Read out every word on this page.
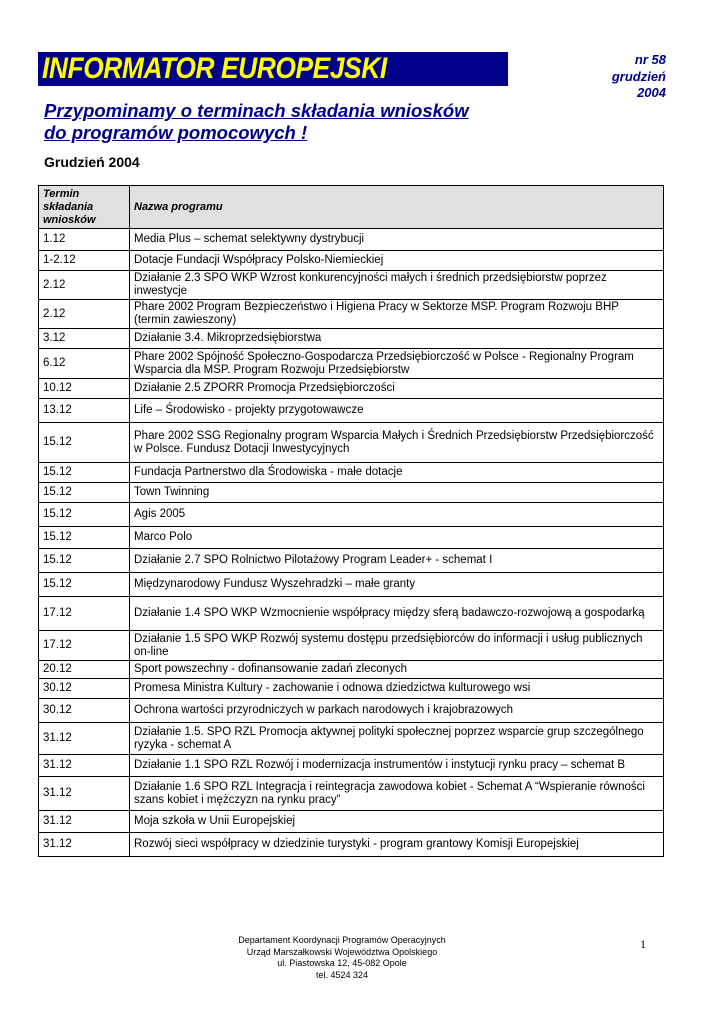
INFORMATOR EUROPEJSKI	nr 58
grudzień
2004
Przypominamy o terminach składania wniosków
do programów pomocowych !
Grudzień 2004
Termin
składania
wniosków	Nazwa programu
1.12	Media Plus – schemat selektywny dystrybucji
1-2.12	Dotacje Fundacji Współpracy Polsko-Niemieckiej
2.12	Działanie 2.3 SPO WKP Wzrost konkurencyjności małych i średnich przedsiębiorstw poprzez inwestycje
2.12	Phare 2002 Program Bezpieczeństwo i Higiena Pracy w Sektorze MSP. Program Rozwoju BHP (termin zawieszony)
3.12	Działanie 3.4. Mikroprzedsiębiorstwa
6.12	Phare 2002 Spójność Społeczno-Gospodarcza Przedsiębiorczość w Polsce - Regionalny Program Wsparcia dla MSP. Program Rozwoju Przedsiębiorstw
10.12	Działanie 2.5 ZPORR Promocja Przedsiębiorczości
13.12	Life – Środowisko - projekty przygotowawcze
15.12	Phare 2002 SSG Regionalny program Wsparcia Małych i Średnich Przedsiębiorstw Przedsiębiorczość w Polsce. Fundusz Dotacji Inwestycyjnych
15.12	Fundacja Partnerstwo dla Środowiska - małe dotacje
15.12	Town Twinning
15.12	Agis 2005
15.12	Marco Polo
15.12	Działanie 2.7 SPO Rolnictwo Pilotażowy Program Leader+ - schemat I
15.12	Międzynarodowy Fundusz Wyszehradzki – małe granty
17.12	Działanie 1.4 SPO WKP Wzmocnienie współpracy między sferą badawczo-rozwojową a gospodarką
17.12	Działanie 1.5 SPO WKP Rozwój systemu dostępu przedsiębiorców do informacji i usług publicznych on-line
20.12	Sport powszechny - dofinansowanie zadań zleconych
30.12	Promesa Ministra Kultury - zachowanie i odnowa dziedzictwa kulturowego wsi
30.12	Ochrona wartości przyrodniczych w parkach narodowych i krajobrazowych
31.12	Działanie 1.5. SPO RZL Promocja aktywnej polityki społecznej poprzez wsparcie grup szczególnego ryzyka - schemat A
31.12	Działanie 1.1 SPO RZL Rozwój i modernizacja instrumentów i instytucji rynku pracy – schemat B
31.12	Działanie 1.6 SPO RZL Integracja i reintegracja zawodowa kobiet - Schemat A “Wspieranie równości szans kobiet i mężczyzn na rynku pracy”
31.12	Moja szkoła w Unii Europejskiej
31.12	Rozwój sieci współpracy w dziedzinie turystyki - program grantowy Komisji Europejskiej
Departament Koordynacji Programów Operacyjnych
Urząd Marszałkowski Województwa Opolskiego
ul. Piastowska 12, 45-082 Opole
tel. 4524 324
1
